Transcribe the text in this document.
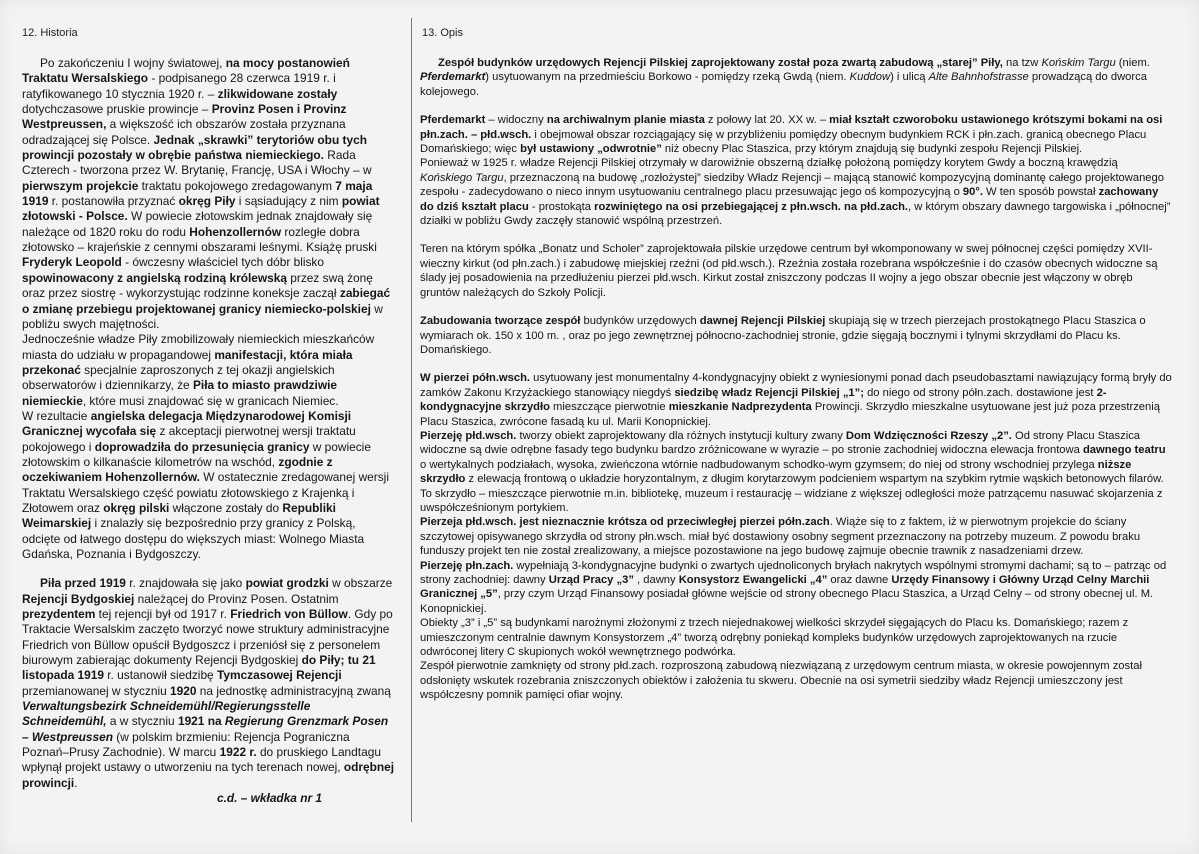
12. Historia	13. Opis

Po zakończeniu I wojny światowej, na mocy postanowień Traktatu Wersalskiego - podpisanego 28 czerwca 1919 r. i ratyfikowanego 10 stycznia 1920 r. – zlikwidowane zostały dotychczasowe pruskie prowincje – Provinz Posen i Provinz Westpreussen, a większość ich obszarów została przyznana odradzającej się Polsce. Jednak „skrawki” terytoriów obu tych prowincji pozostały w obrębie państwa niemieckiego. Rada Czterech - tworzona przez W. Brytanię, Francję, USA i Włochy – w pierwszym projekcie traktatu pokojowego zredagowanym 7 maja 1919 r. postanowiła przyznać okręg Piły i sąsiadujący z nim powiat złotowski - Polsce. W powiecie złotowskim jednak znajdowały się należące od 1820 roku do rodu Hohenzollernów rozległe dobra złotowsko – krajeńskie z cennymi obszarami leśnymi. Książę pruski Fryderyk Leopold - ówczesny właściciel tych dóbr blisko spowinowacony z angielską rodziną królewską przez swą żonę oraz przez siostrę - wykorzystując rodzinne koneksje zaczął zabiegać o zmianę przebiegu projektowanej granicy niemiecko-polskiej w pobliżu swych majętności.

Jednocześnie władze Piły zmobilizowały niemieckich mieszkańców miasta do udziału w propagandowej manifestacji, która miała przekonać specjalnie zaproszonych z tej okazji angielskich obserwatorów i dziennikarzy, że Piła to miasto prawdziwie niemieckie, które musi znajdować się w granicach Niemiec.

W rezultacie angielska delegacja Międzynarodowej Komisji Granicznej wycofała się z akceptacji pierwotnej wersji traktatu pokojowego i doprowadziła do przesunięcia granicy w powiecie złotowskim o kilkanaście kilometrów na wschód, zgodnie z oczekiwaniem Hohenzollernów. W ostatecznie zredagowanej wersji Traktatu Wersalskiego część powiatu złotowskiego z Krajenką i Złotowem oraz okręg pilski włączone zostały do Republiki Weimarskiej i znalazły się bezpośrednio przy granicy z Polską, odcięte od łatwego dostępu do większych miast: Wolnego Miasta Gdańska, Poznania i Bydgoszczy.

Piła przed 1919 r. znajdowała się jako powiat grodzki w obszarze Rejencji Bydgoskiej należącej do Provinz Posen. Ostatnim prezydentem tej rejencji był od 1917 r. Friedrich von Büllow. Gdy po Traktacie Wersalskim zaczęto tworzyć nowe struktury administracyjne Friedrich von Büllow opuścił Bydgoszcz i przeniósł się z personelem biurowym zabierając dokumenty Rejencji Bydgoskiej do Piły; tu 21 listopada 1919 r. ustanowił siedzibę Tymczasowej Rejencji przemianowanej w styczniu 1920 na jednostkę administracyjną zwaną Verwaltungsbezirk Schneidemühl/Regierungsstelle Schneidemühl, a w styczniu 1921 na Regierung Grenzmark Posen – Westpreussen (w polskim brzmieniu: Rejencja Pograniczna Poznań–Prusy Zachodnie). W marcu 1922 r. do pruskiego Landtagu wpłynął projekt ustawy o utworzeniu na tych terenach nowej, odrębnej prowincji.

c.d. – wkładka nr 1

Zespół budynków urzędowych Rejencji Pilskiej zaprojektowany został poza zwartą zabudową „starej” Piły, na tzw Końskim Targu (niem. Pferdemarkt) usytuowanym na przedmieściu Borkowo - pomiędzy rzeką Gwdą (niem. Kuddow) i ulicą Alte Bahnhofstrasse prowadzącą do dworca kolejowego.

Pferdemarkt – widoczny na archiwalnym planie miasta z połowy lat 20. XX w. – miał kształt czworoboku ustawionego krótszymi bokami na osi płn.zach. – płd.wsch. i obejmował obszar rozciągający się w przybliżeniu pomiędzy obecnym budynkiem RCK i płn.zach. granicą obecnego Placu Domańskiego; więc był ustawiony „odwrotnie” niż obecny Plac Staszica, przy którym znajdują się budynki zespołu Rejencji Pilskiej.

Ponieważ w 1925 r. władze Rejencji Pilskiej otrzymały w darowiźnie obszerną działkę położoną pomiędzy korytem Gwdy a boczną krawędzią Końskiego Targu, przeznaczoną na budowę „rozłożystej” siedziby Władz Rejencji – mającą stanowić kompozycyjną dominantę całego projektowanego zespołu - zadecydowano o nieco innym usytuowaniu centralnego placu przesuwając jego oś kompozycyjną o 90°. W ten sposób powstał zachowany do dziś kształt placu - prostokąta rozwiniętego na osi przebiegającej z płn.wsch. na płd.zach., w którym obszary dawnego targowiska i „północnej” działki w pobliżu Gwdy zaczęły stanowić wspólną przestrzeń.

Teren na którym spółka „Bonatz und Scholer” zaprojektowała pilskie urzędowe centrum był wkomponowany w swej północnej części pomiędzy XVII-wieczny kirkut (od płn.zach.) i zabudowę miejskiej rzeźni (od płd.wsch.). Rzeźnia została rozebrana współcześnie i do czasów obecnych widoczne są ślady jej posadowienia na przedłużeniu pierzei płd.wsch. Kirkut został zniszczony podczas II wojny a jego obszar obecnie jest włączony w obręb gruntów należących do Szkoły Policji.

Zabudowania tworzące zespół budynków urzędowych dawnej Rejencji Pilskiej skupiają się w trzech pierzejach prostokątnego Placu Staszica o wymiarach ok. 150 x 100 m. , oraz po jego zewnętrznej północno-zachodniej stronie, gdzie sięgają bocznymi i tylnymi skrzydłami do Placu ks. Domańskiego.

W pierzei półn.wsch. usytuowany jest monumentalny 4-kondygnacyjny obiekt z wyniesionymi ponad dach pseudobasztami nawiązujący formą bryły do zamków Zakonu Krzyżackiego stanowiący niegdyś siedzibę władz Rejencji Pilskiej „1”; do niego od strony półn.zach. dostawione jest 2-kondygnacyjne skrzydło mieszczące pierwotnie mieszkanie Nadprezydenta Prowincji. Skrzydło mieszkalne usytuowane jest już poza przestrzenią Placu Staszica, zwrócone fasadą ku ul. Marii Konopnickiej.

Pierzeję płd.wsch. tworzy obiekt zaprojektowany dla różnych instytucji kultury zwany Dom Wdzięczności Rzeszy „2”. Od strony Placu Staszica widoczne są dwie odrębne fasady tego budynku bardzo zróżnicowane w wyrazie – po stronie zachodniej widoczna elewacja frontowa dawnego teatru o wertykalnych podziałach, wysoka, zwieńczona wtórnie nadbudowanym schodko-wym gzymsem; do niej od strony wschodniej przylega niższe skrzydło z elewacją frontową o układzie horyzontalnym, z długim korytarzowym podcieniem wspartym na szybkim rytmie wąskich betonowych filarów. To skrzydło – mieszczące pierwotnie m.in. bibliotekę, muzeum i restaurację – widziane z większej odległości może patrzącemu nasuwać skojarzenia z uwspółcześnionym portykiem.

Pierzeja płd.wsch. jest nieznacznie krótsza od przeciwległej pierzei półn.zach. Wiąże się to z faktem, iż w pierwotnym projekcie do ściany szczytowej opisywanego skrzydła od strony płn.wsch. miał być dostawiony osobny segment przeznaczony na potrzeby muzeum. Z powodu braku funduszy projekt ten nie został zrealizowany, a miejsce pozostawione na jego budowę zajmuje obecnie trawnik z nasadzeniami drzew.

Pierzeję płn.zach. wypełniają 3-kondygnacyjne budynki o zwartych ujednoliconych bryłach nakrytych wspólnymi stromymi dachami; są to – patrząc od strony zachodniej: dawny Urząd Pracy „3” , dawny Konsystorz Ewangelicki „4” oraz dawne Urzędy Finansowy i Główny Urząd Celny Marchii Granicznej „5”, przy czym Urząd Finansowy posiadał główne wejście od strony obecnego Placu Staszica, a Urząd Celny – od strony obecnej ul. M. Konopnickiej.

Obiekty „3” i „5” są budynkami narożnymi złożonymi z trzech niejednakowej wielkości skrzydeł sięgających do Placu ks. Domańskiego; razem z umieszczonym centralnie dawnym Konsystorzem „4” tworzą odrębny poniekąd kompleks budynków urzędowych zaprojektowanych na rzucie odwróconej litery C skupionych wokół wewnętrznego podwórka.

Zespół pierwotnie zamknięty od strony płd.zach. rozproszoną zabudową niezwiązaną z urzędowym centrum miasta, w okresie powojennym został odsłonięty wskutek rozebrania zniszczonych obiektów i założenia tu skweru. Obecnie na osi symetrii siedziby władz Rejencji umieszczony jest współczesny pomnik pamięci ofiar wojny.
